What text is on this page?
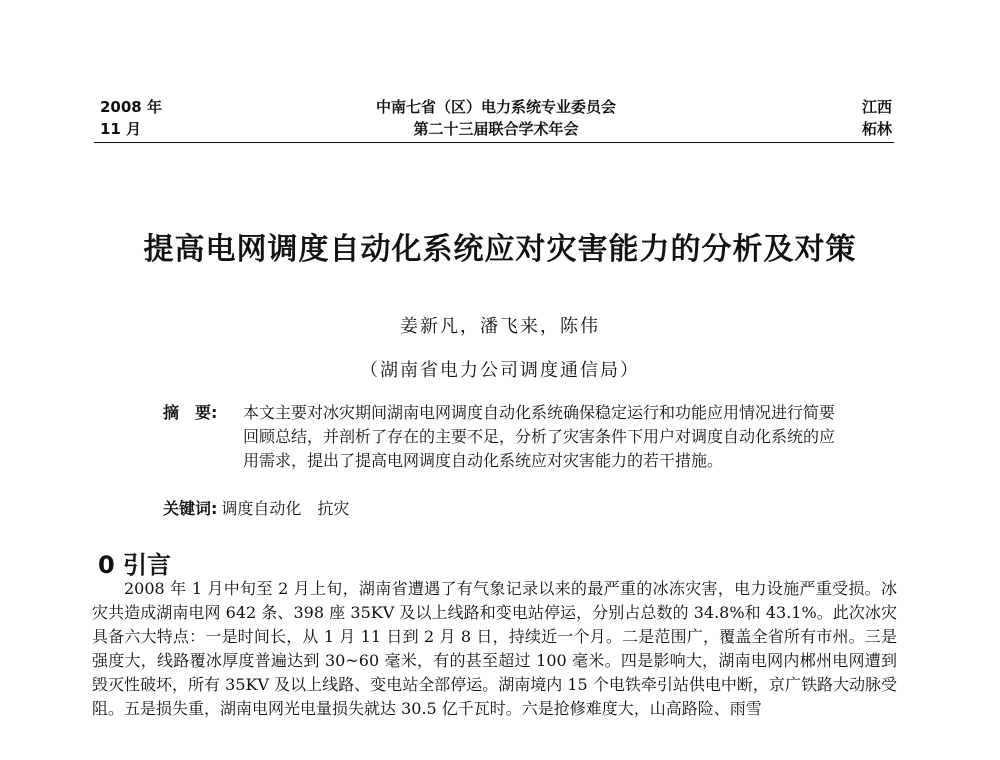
2008 年
11 月
中南七省（区）电力系统专业委员会
第二十三届联合学术年会
江西
柘林
提高电网调度自动化系统应对灾害能力的分析及对策
姜新凡，潘飞来，陈伟
（湖南省电力公司调度通信局）
摘　要: 本文主要对冰灾期间湖南电网调度自动化系统确保稳定运行和功能应用情况进行简要回顾总结，并剖析了存在的主要不足，分析了灾害条件下用户对调度自动化系统的应用需求，提出了提高电网调度自动化系统应对灾害能力的若干措施。
关键词: 调度自动化　抗灾
0 引言
2008 年 1 月中旬至 2 月上旬，湖南省遭遇了有气象记录以来的最严重的冰冻灾害，电力设施严重受损。冰灾共造成湖南电网 642 条、398 座 35KV 及以上线路和变电站停运，分别占总数的 34.8%和 43.1%。此次冰灾具备六大特点：一是时间长，从 1 月 11 日到 2 月 8 日，持续近一个月。二是范围广，覆盖全省所有市州。三是强度大，线路覆冰厚度普遍达到 30~60 毫米，有的甚至超过 100 毫米。四是影响大，湖南电网内郴州电网遭到毁灭性破坏，所有 35KV 及以上线路、变电站全部停运。湖南境内 15 个电铁牵引站供电中断，京广铁路大动脉受阻。五是损失重，湖南电网光电量损失就达 30.5 亿千瓦时。六是抢修难度大，山高路险、雨雪
